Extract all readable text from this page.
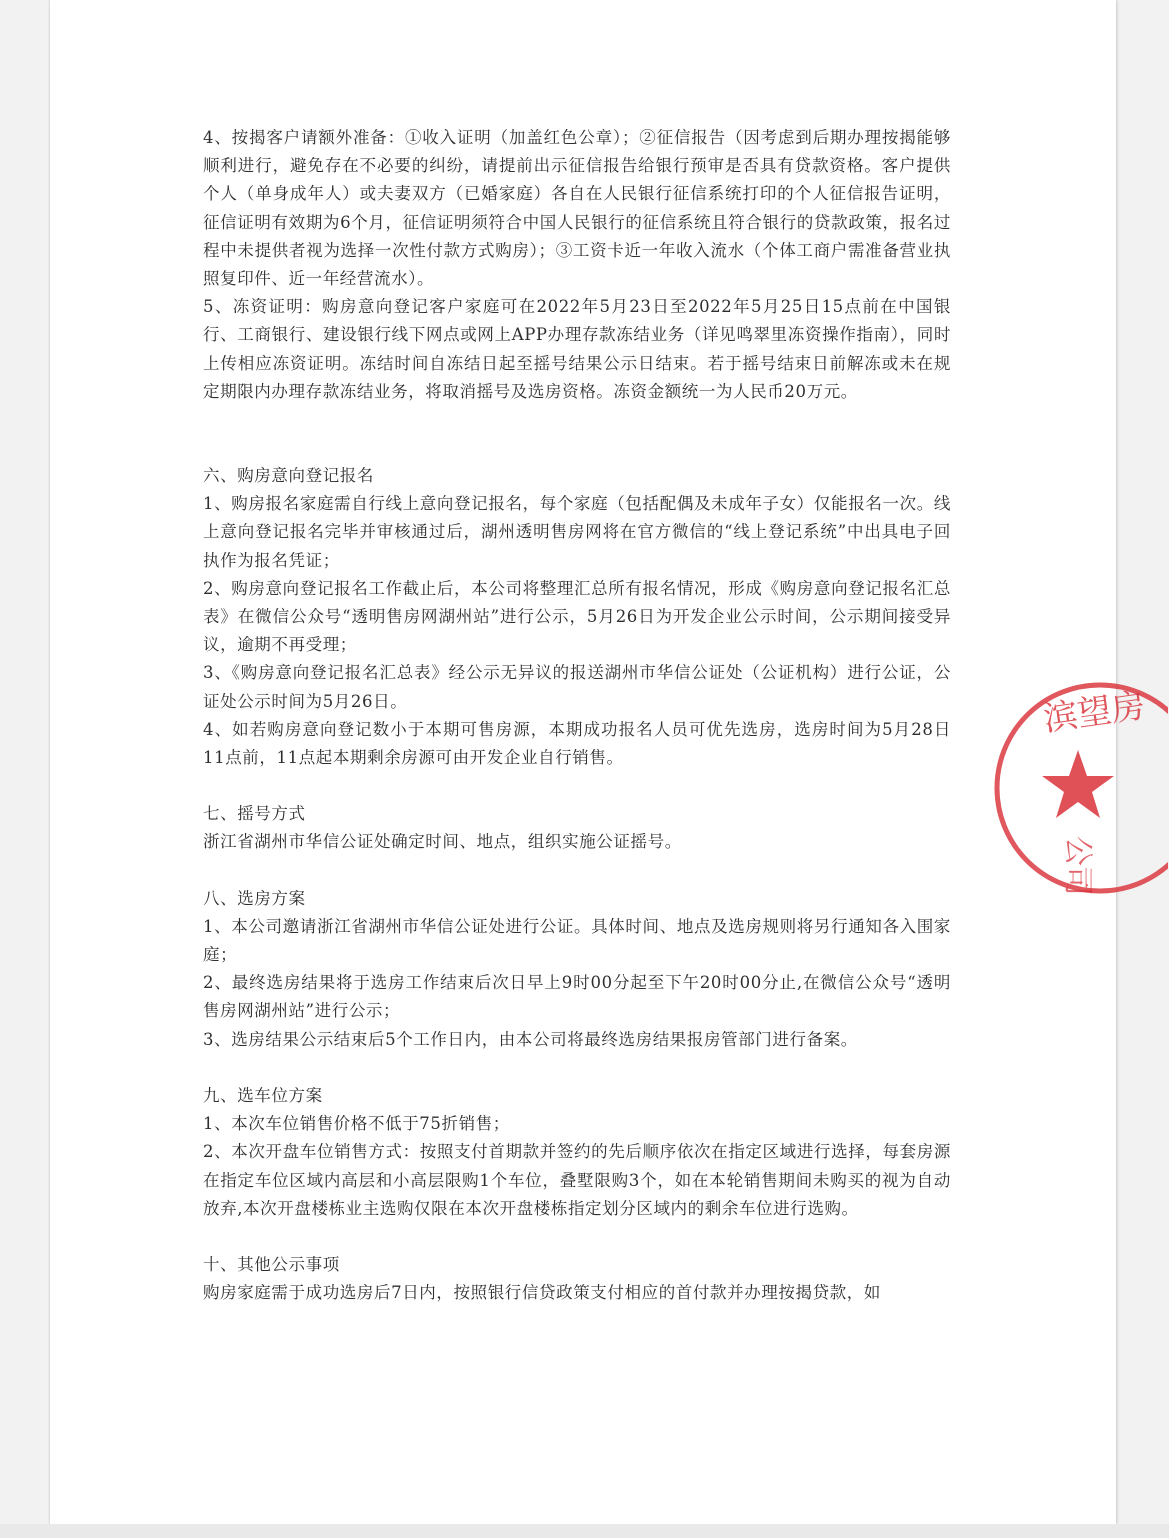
4、按揭客户请额外准备：①收入证明（加盖红色公章）；②征信报告（因考虑到后期办理按揭能够顺利进行，避免存在不必要的纠纷，请提前出示征信报告给银行预审是否具有贷款资格。客户提供个人（单身成年人）或夫妻双方（已婚家庭）各自在人民银行征信系统打印的个人征信报告证明，征信证明有效期为6个月，征信证明须符合中国人民银行的征信系统且符合银行的贷款政策，报名过程中未提供者视为选择一次性付款方式购房）；③工资卡近一年收入流水（个体工商户需准备营业执照复印件、近一年经营流水）。

5、冻资证明：购房意向登记客户家庭可在2022年5月23日至2022年5月25日15点前在中国银行、工商银行、建设银行线下网点或网上APP办理存款冻结业务（详见鸣翠里冻资操作指南），同时上传相应冻资证明。冻结时间自冻结日起至摇号结果公示日结束。若于摇号结束日前解冻或未在规定期限内办理存款冻结业务，将取消摇号及选房资格。冻资金额统一为人民币20万元。

六、购房意向登记报名

1、购房报名家庭需自行线上意向登记报名，每个家庭（包括配偶及未成年子女）仅能报名一次。线上意向登记报名完毕并审核通过后，湖州透明售房网将在官方微信的“线上登记系统”中出具电子回执作为报名凭证；

2、购房意向登记报名工作截止后，本公司将整理汇总所有报名情况，形成《购房意向登记报名汇总表》在微信公众号“透明售房网湖州站”进行公示，5月26日为开发企业公示时间，公示期间接受异议，逾期不再受理；

3、《购房意向登记报名汇总表》经公示无异议的报送湖州市华信公证处（公证机构）进行公证，公证处公示时间为5月26日。

4、如若购房意向登记数小于本期可售房源，本期成功报名人员可优先选房，选房时间为5月28日11点前，11点起本期剩余房源可由开发企业自行销售。

七、摇号方式

浙江省湖州市华信公证处确定时间、地点，组织实施公证摇号。

八、选房方案

1、本公司邀请浙江省湖州市华信公证处进行公证。具体时间、地点及选房规则将另行通知各入围家庭；

2、最终选房结果将于选房工作结束后次日早上9时00分起至下午20时00分止,在微信公众号“透明售房网湖州站”进行公示；

3、选房结果公示结束后5个工作日内，由本公司将最终选房结果报房管部门进行备案。

九、选车位方案

1、本次车位销售价格不低于75折销售；

2、本次开盘车位销售方式：按照支付首期款并签约的先后顺序依次在指定区域进行选择，每套房源在指定车位区域内高层和小高层限购1个车位，叠墅限购3个，如在本轮销售期间未购买的视为自动放弃,本次开盘楼栋业主选购仅限在本次开盘楼栋指定划分区域内的剩余车位进行选购。

十、其他公示事项

购房家庭需于成功选房后7日内，按照银行信贷政策支付相应的首付款并办理按揭贷款，如

滨望房
公司
